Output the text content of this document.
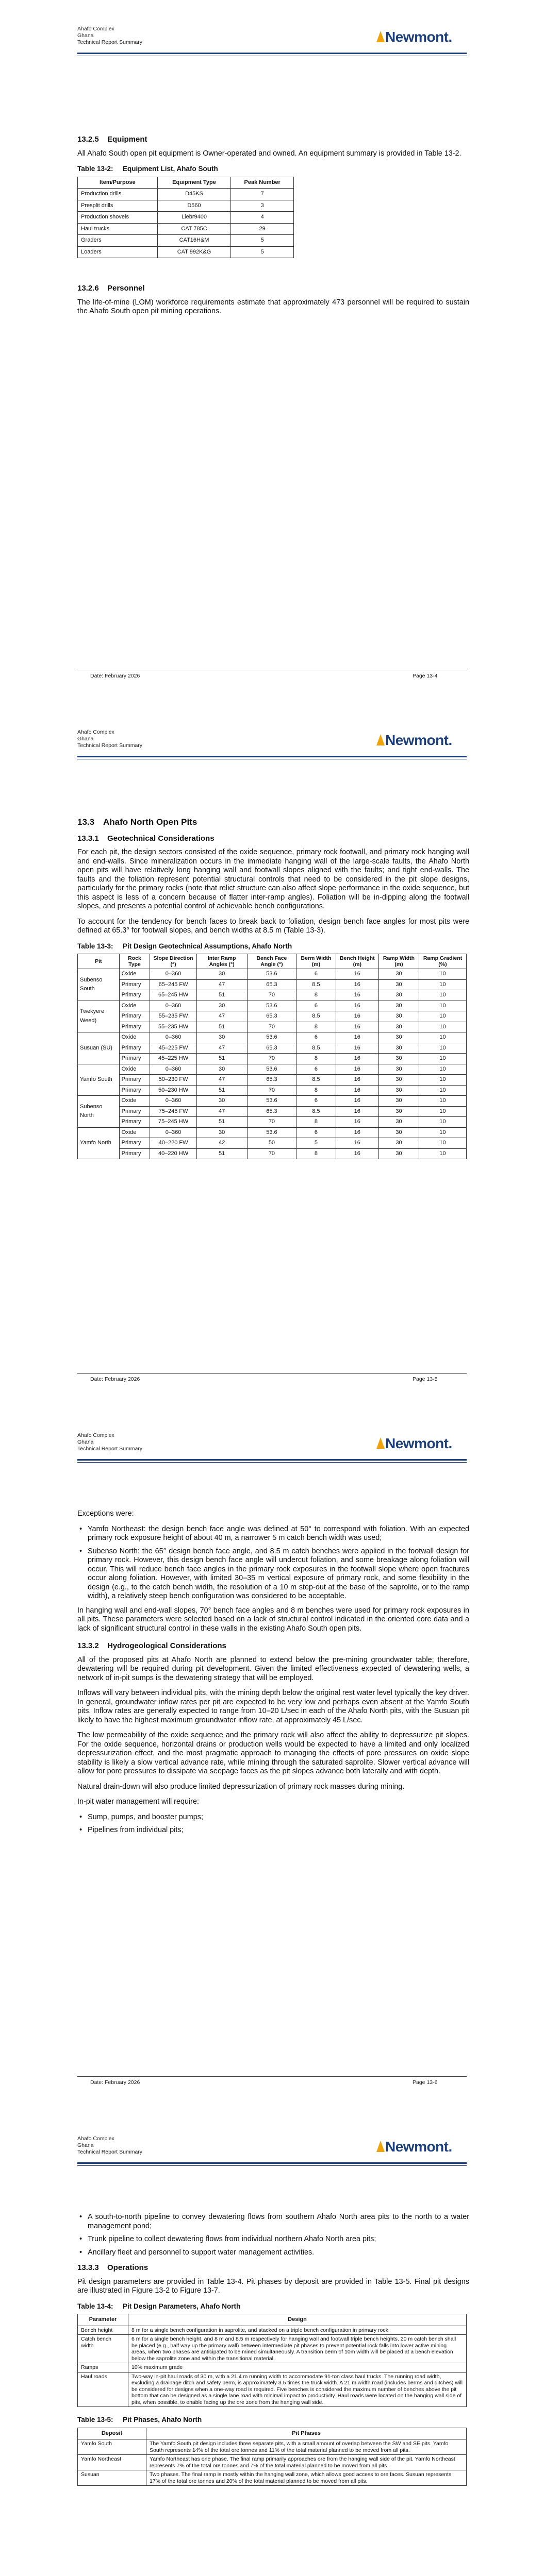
Ahafo Complex
Ghana
Technical Report Summary	Newmont.
13.2.5 Equipment

All Ahafo South open pit equipment is Owner-operated and owned. An equipment summary is provided in Table 13-2.

Table 13-2: Equipment List, Ahafo South
Item/Purpose	Equipment Type	Peak Number
Production drills	D45KS	7
Presplit drills	D560	3
Production shovels	Liebr9400	4
Haul trucks	CAT 785C	29
Graders	CAT16H&M	5
Loaders	CAT 992K&G	5
13.2.6 Personnel

The life-of-mine (LOM) workforce requirements estimate that approximately 473 personnel will be required to sustain the Ahafo South open pit mining operations.

Date: February 2026	Page 13-4
Ahafo Complex
Ghana
Technical Report Summary	Newmont.
13.3 Ahafo North Open Pits
13.3.1 Geotechnical Considerations

For each pit, the design sectors consisted of the oxide sequence, primary rock footwall, and primary rock hanging wall and end-walls. Since mineralization occurs in the immediate hanging wall of the large-scale faults, the Ahafo North open pits will have relatively long hanging wall and footwall slopes aligned with the faults; and tight end-walls. The faults and the foliation represent potential structural controls that need to be considered in the pit slope designs, particularly for the primary rocks (note that relict structure can also affect slope performance in the oxide sequence, but this aspect is less of a concern because of flatter inter-ramp angles). Foliation will be in-dipping along the footwall slopes, and presents a potential control of achievable bench configurations.

To account for the tendency for bench faces to break back to foliation, design bench face angles for most pits were defined at 65.3° for footwall slopes, and bench widths at 8.5 m (Table 13-3).

Table 13-3: Pit Design Geotechnical Assumptions, Ahafo North
Pit	Rock Type	Slope Direction (°)	Inter Ramp Angles (°)	Bench Face Angle (°)	Berm Width (m)	Bench Height (m)	Ramp Width (m)	Ramp Gradient (%)
Subenso South	Oxide	0–360	30	53.6	6	16	30	10
	Primary	65–245 FW	47	65.3	8.5	16	30	10
	Primary	65–245 HW	51	70	8	16	30	10
Twekyere Weed)	Oxide	0–360	30	53.6	6	16	30	10
	Primary	55–235 FW	47	65.3	8.5	16	30	10
	Primary	55–235 HW	51	70	8	16	30	10
Susuan (SU)	Oxide	0–360	30	53.6	6	16	30	10
	Primary	45–225 FW	47	65.3	8.5	16	30	10
	Primary	45–225 HW	51	70	8	16	30	10
Yamfo South	Oxide	0–360	30	53.6	6	16	30	10
	Primary	50–230 FW	47	65.3	8.5	16	30	10
	Primary	50–230 HW	51	70	8	16	30	10
Subenso North	Oxide	0–360	30	53.6	6	16	30	10
	Primary	75–245 FW	47	65.3	8.5	16	30	10
	Primary	75–245 HW	51	70	8	16	30	10
Yamfo North	Oxide	0–360	30	53.6	6	16	30	10
	Primary	40–220 FW	42	50	5	16	30	10
	Primary	40–220 HW	51	70	8	16	30	10
Date: February 2026	Page 13-5
Ahafo Complex
Ghana
Technical Report Summary	Newmont.

Exceptions were:

• Yamfo Northeast: the design bench face angle was defined at 50° to correspond with foliation. With an expected primary rock exposure height of about 40 m, a narrower 5 m catch bench width was used;
• Subenso North: the 65° design bench face angle, and 8.5 m catch benches were applied in the footwall design for primary rock. However, this design bench face angle will undercut foliation, and some breakage along foliation will occur. This will reduce bench face angles in the primary rock exposures in the footwall slope where open fractures occur along foliation. However, with limited 30–35 m vertical exposure of primary rock, and some flexibility in the design (e.g., to the catch bench width, the resolution of a 10 m step-out at the base of the saprolite, or to the ramp width), a relatively steep bench configuration was considered to be acceptable.

In hanging wall and end-wall slopes, 70° bench face angles and 8 m benches were used for primary rock exposures in all pits. These parameters were selected based on a lack of structural control indicated in the oriented core data and a lack of significant structural control in these walls in the existing Ahafo South open pits.

13.3.2 Hydrogeological Considerations

All of the proposed pits at Ahafo North are planned to extend below the pre-mining groundwater table; therefore, dewatering will be required during pit development. Given the limited effectiveness expected of dewatering wells, a network of in-pit sumps is the dewatering strategy that will be employed.

Inflows will vary between individual pits, with the mining depth below the original rest water level typically the key driver. In general, groundwater inflow rates per pit are expected to be very low and perhaps even absent at the Yamfo South pits. Inflow rates are generally expected to range from 10–20 L/sec in each of the Ahafo North pits, with the Susuan pit likely to have the highest maximum groundwater inflow rate, at approximately 45 L/sec.

The low permeability of the oxide sequence and the primary rock will also affect the ability to depressurize pit slopes. For the oxide sequence, horizontal drains or production wells would be expected to have a limited and only localized depressurization effect, and the most pragmatic approach to managing the effects of pore pressures on oxide slope stability is likely a slow vertical advance rate, while mining through the saturated saprolite. Slower vertical advance will allow for pore pressures to dissipate via seepage faces as the pit slopes advance both laterally and with depth.

Natural drain-down will also produce limited depressurization of primary rock masses during mining.

In-pit water management will require:

• Sump, pumps, and booster pumps;
• Pipelines from individual pits;
Date: February 2026	Page 13-6
Ahafo Complex
Ghana
Technical Report Summary	Newmont.
• A south-to-north pipeline to convey dewatering flows from southern Ahafo North area pits to the north to a water management pond;
• Trunk pipeline to collect dewatering flows from individual northern Ahafo North area pits;
• Ancillary fleet and personnel to support water management activities.
13.3.3 Operations

Pit design parameters are provided in Table 13-4. Pit phases by deposit are provided in Table 13-5. Final pit designs are illustrated in Figure 13-2 to Figure 13-7.

Table 13-4: Pit Design Parameters, Ahafo North
Parameter	Design
Bench height	8 m for a single bench configuration in saprolite, and stacked on a triple bench configuration in primary rock
Catch bench width	6 m for a single bench height, and 8 m and 8.5 m respectively for hanging wall and footwall triple bench heights. 20 m catch bench shall be placed (e.g., half way up the primary wall) between intermediate pit phases to prevent potential rock falls into lower active mining areas, when two phases are anticipated to be mined simultaneously. A transition berm of 10m width will be placed at a bench elevation below the saprolite zone and within the transitional material.
Ramps	10% maximum grade
Haul roads	Two-way in-pit haul roads of 30 m, with a 21.4 m running width to accommodate 91-ton class haul trucks. The running road width, excluding a drainage ditch and safety berm, is approximately 3.5 times the truck width. A 21 m width road (includes berms and ditches) will be considered for designs when a one-way road is required. Five benches is considered the maximum number of benches above the pit bottom that can be designed as a single lane road with minimal impact to productivity. Haul roads were located on the hanging wall side of pits, when possible, to enable facing up the ore zone from the hanging wall side.
Table 13-5: Pit Phases, Ahafo North
Deposit	Pit Phases
Yamfo South	The Yamfo South pit design includes three separate pits, with a small amount of overlap between the SW and SE pits. Yamfo South represents 14% of the total ore tonnes and 11% of the total material planned to be moved from all pits.
Yamfo Northeast	Yamfo Northeast has one phase. The final ramp primarily approaches ore from the hanging wall side of the pit. Yamfo Northeast represents 7% of the total ore tonnes and 7% of the total material planned to be moved from all pits.
Susuan	Two phases. The final ramp is mostly within the hanging wall zone, which allows good access to ore faces. Susuan represents 17% of the total ore tonnes and 20% of the total material planned to be moved from all pits.
